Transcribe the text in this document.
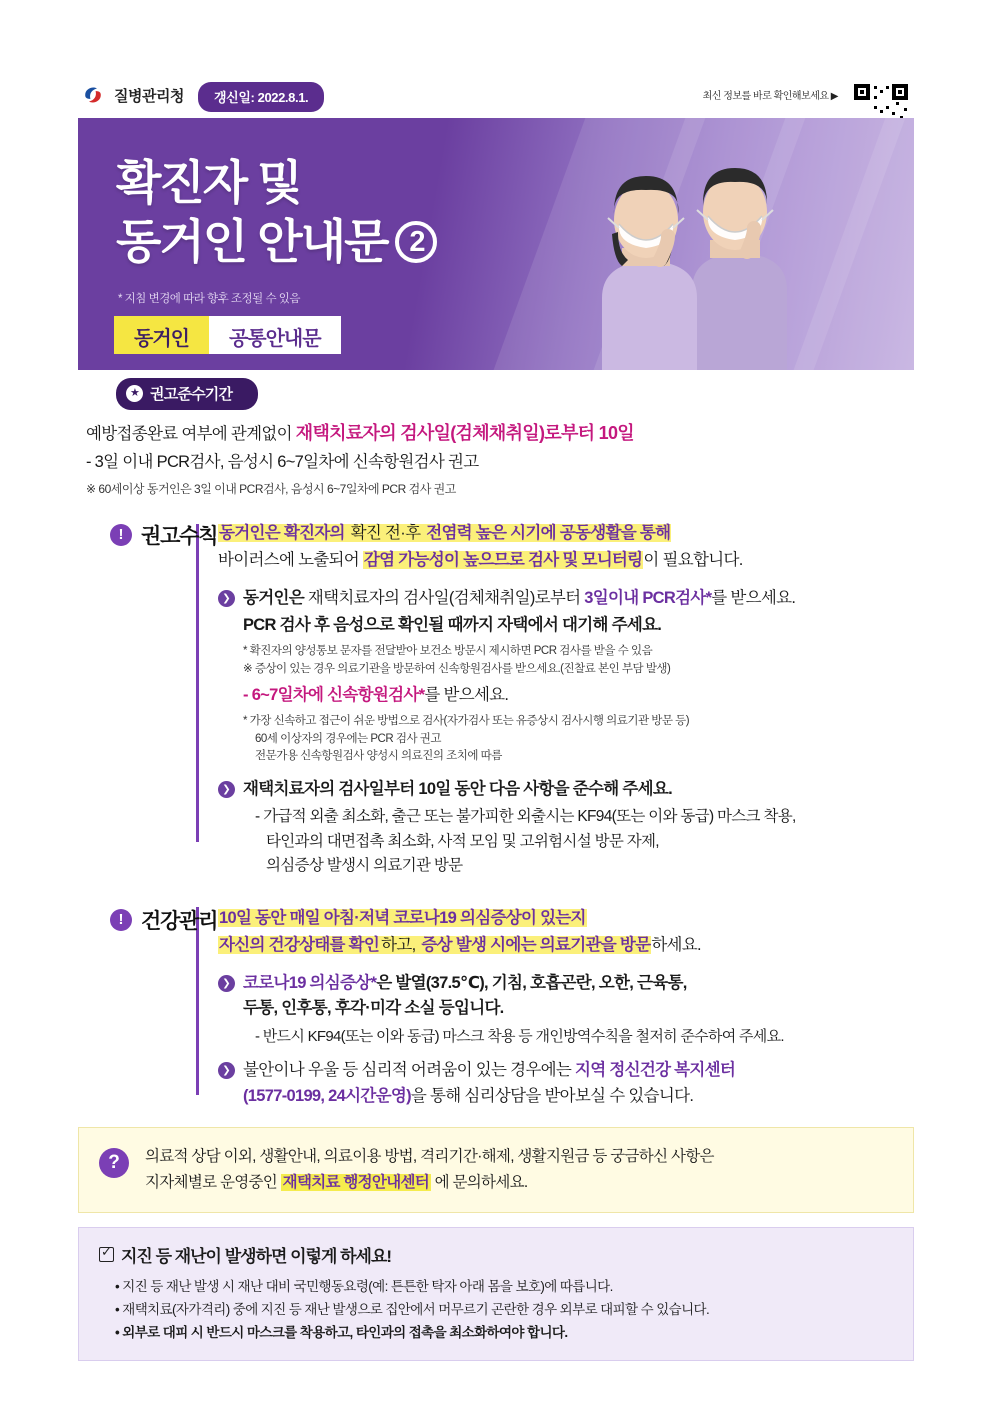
질병관리청	갱신일: 2022.8.1.	최신 정보를 바로 확인해보세요 ▶
확진자 및
동거인 안내문 2
* 지침 변경에 따라 향후 조정될 수 있음
동거인	공통안내문
★ 권고준수기간
예방접종완료 여부에 관계없이 재택치료자의 검사일(검체채취일)로부터 10일
- 3일 이내 PCR검사, 음성시 6~7일차에 신속항원검사 권고
※ 60세이상 동거인은 3일 이내 PCR검사, 음성시 6~7일차에 PCR 검사 권고
! 권고수칙 동거인은 확진자의 확진 전·후 전염력 높은 시기에 공동생활을 통해
바이러스에 노출되어 감염 가능성이 높으므로 검사 및 모니터링이 필요합니다.
❯ 동거인은 재택치료자의 검사일(검체채취일)로부터 3일이내 PCR검사*를 받으세요.
PCR 검사 후 음성으로 확인될 때까지 자택에서 대기해 주세요.
* 확진자의 양성통보 문자를 전달받아 보건소 방문시 제시하면 PCR 검사를 받을 수 있음
※ 증상이 있는 경우 의료기관을 방문하여 신속항원검사를 받으세요.(진찰료 본인 부담 발생)
- 6~7일차에 신속항원검사*를 받으세요.
* 가장 신속하고 접근이 쉬운 방법으로 검사(자가검사 또는 유증상시 검사시행 의료기관 방문 등)
60세 이상자의 경우에는 PCR 검사 권고
전문가용 신속항원검사 양성시 의료진의 조치에 따름
❯ 재택치료자의 검사일부터 10일 동안 다음 사항을 준수해 주세요.
- 가급적 외출 최소화, 출근 또는 불가피한 외출시는 KF94(또는 이와 동급) 마스크 착용,
타인과의 대면접촉 최소화, 사적 모임 및 고위험시설 방문 자제,
의심증상 발생시 의료기관 방문
! 건강관리 10일 동안 매일 아침·저녁 코로나19 의심증상이 있는지
자신의 건강상태를 확인 하고, 증상 발생 시에는 의료기관을 방문하세요.
❯ 코로나19 의심증상*은 발열(37.5℃), 기침, 호흡곤란, 오한, 근육통,
두통, 인후통, 후각·미각 소실 등입니다.
- 반드시 KF94(또는 이와 동급) 마스크 착용 등 개인방역수칙을 철저히 준수하여 주세요.
❯ 불안이나 우울 등 심리적 어려움이 있는 경우에는 지역 정신건강 복지센터
(1577-0199, 24시간운영)을 통해 심리상담을 받아보실 수 있습니다.
?	의료적 상담 이외, 생활안내, 의료이용 방법, 격리기간·해제, 생활지원금 등 궁금하신 사항은
지자체별로 운영중인 재택치료 행정안내센터 에 문의하세요.
✓
지진 등 재난이 발생하면 이렇게 하세요!
• 지진 등 재난 발생 시 재난 대비 국민행동요령(예: 튼튼한 탁자 아래 몸을 보호)에 따릅니다.
• 재택치료(자가격리) 중에 지진 등 재난 발생으로 집안에서 머무르기 곤란한 경우 외부로 대피할 수 있습니다.
• 외부로 대피 시 반드시 마스크를 착용하고, 타인과의 접촉을 최소화하여야 합니다.
